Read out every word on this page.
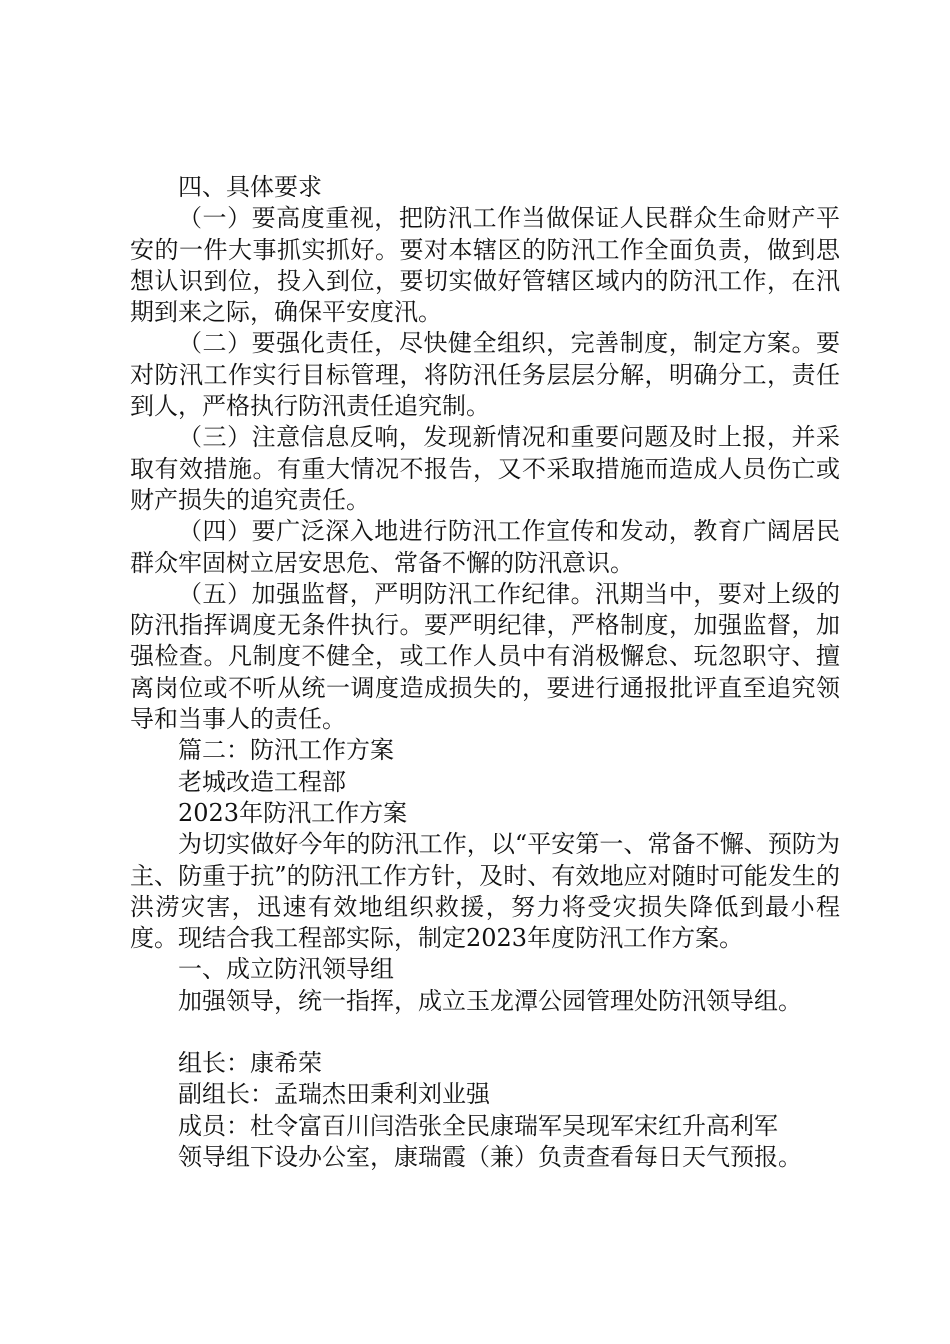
四、具体要求

（一）要高度重视，把防汛工作当做保证人民群众生命财产平安的一件大事抓实抓好。要对本辖区的防汛工作全面负责，做到思想认识到位，投入到位，要切实做好管辖区域内的防汛工作，在汛期到来之际，确保平安度汛。

（二）要强化责任，尽快健全组织，完善制度，制定方案。要对防汛工作实行目标管理，将防汛任务层层分解，明确分工，责任到人，严格执行防汛责任追究制。

（三）注意信息反响，发现新情况和重要问题及时上报，并采取有效措施。有重大情况不报告，又不采取措施而造成人员伤亡或财产损失的追究责任。

（四）要广泛深入地进行防汛工作宣传和发动，教育广阔居民群众牢固树立居安思危、常备不懈的防汛意识。

（五）加强监督，严明防汛工作纪律。汛期当中，要对上级的防汛指挥调度无条件执行。要严明纪律，严格制度，加强监督，加强检查。凡制度不健全，或工作人员中有消极懈怠、玩忽职守、擅离岗位或不听从统一调度造成损失的，要进行通报批评直至追究领导和当事人的责任。

篇二：防汛工作方案

老城改造工程部

2023年防汛工作方案

为切实做好今年的防汛工作，以“平安第一、常备不懈、预防为主、防重于抗”的防汛工作方针，及时、有效地应对随时可能发生的洪涝灾害，迅速有效地组织救援，努力将受灾损失降低到最小程度。现结合我工程部实际，制定2023年度防汛工作方案。

一、成立防汛领导组

加强领导，统一指挥，成立玉龙潭公园管理处防汛领导组。

组长：康希荣

副组长：孟瑞杰田秉利刘业强

成员：杜令富百川闫浩张全民康瑞军吴现军宋红升高利军

领导组下设办公室，康瑞霞（兼）负责查看每日天气预报。
